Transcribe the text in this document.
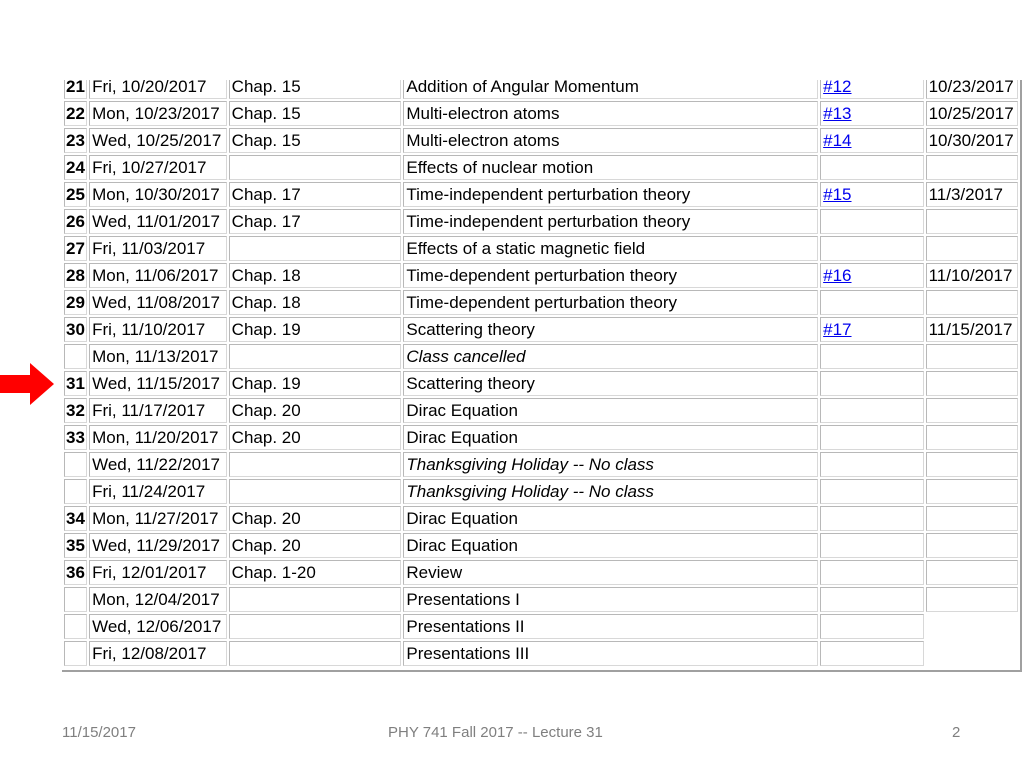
21	Fri, 10/20/2017	Chap. 15	Addition of Angular Momentum	#12	10/23/2017
22	Mon, 10/23/2017	Chap. 15	Multi-electron atoms	#13	10/25/2017
23	Wed, 10/25/2017	Chap. 15	Multi-electron atoms	#14	10/30/2017
24	Fri, 10/27/2017		Effects of nuclear motion		
25	Mon, 10/30/2017	Chap. 17	Time-independent perturbation theory	#15	11/3/2017
26	Wed, 11/01/2017	Chap. 17	Time-independent perturbation theory		
27	Fri, 11/03/2017		Effects of a static magnetic field		
28	Mon, 11/06/2017	Chap. 18	Time-dependent perturbation theory	#16	11/10/2017
29	Wed, 11/08/2017	Chap. 18	Time-dependent perturbation theory		
30	Fri, 11/10/2017	Chap. 19	Scattering theory	#17	11/15/2017
	Mon, 11/13/2017		Class cancelled		
31	Wed, 11/15/2017	Chap. 19	Scattering theory		
32	Fri, 11/17/2017	Chap. 20	Dirac Equation		
33	Mon, 11/20/2017	Chap. 20	Dirac Equation		
	Wed, 11/22/2017		Thanksgiving Holiday -- No class		
	Fri, 11/24/2017		Thanksgiving Holiday -- No class		
34	Mon, 11/27/2017	Chap. 20	Dirac Equation		
35	Wed, 11/29/2017	Chap. 20	Dirac Equation		
36	Fri, 12/01/2017	Chap. 1-20	Review		
	Mon, 12/04/2017		Presentations I		
	Wed, 12/06/2017		Presentations II		
	Fri, 12/08/2017		Presentations III		
11/15/2017	PHY 741 Fall 2017 -- Lecture 31	2
